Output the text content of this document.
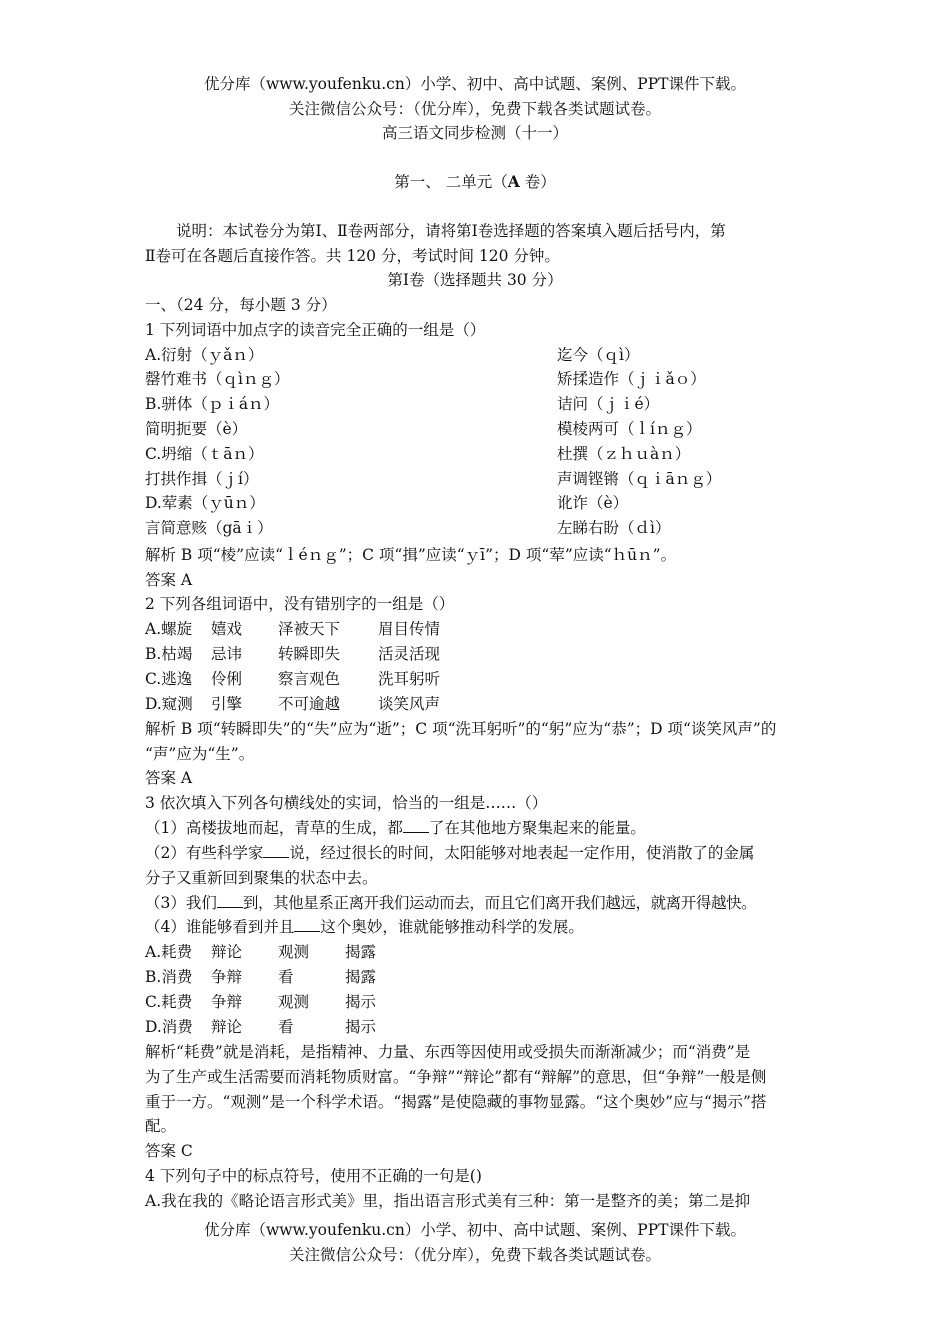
优分库（www.youfenku.cn）小学、初中、高中试题、案例、PPT课件下载。
关注微信公众号：（优分库），免费下载各类试题试卷。
高三语文同步检测（十一）
第一、 二单元（A 卷）
说明：本试卷分为第Ⅰ、Ⅱ卷两部分，请将第Ⅰ卷选择题的答案填入题后括号内，第
Ⅱ卷可在各题后直接作答。共 120 分，考试时间 120 分钟。
第Ⅰ卷（选择题共 30 分）
一、（24 分，每小题 3 分）
1 下列词语中加点字的读音完全正确的一组是（）
A.衍射（ｙǎｎ）	迄今（ｑì）
罄竹难书（ｑìｎｇ）	矫揉造作（ｊｉǎｏ）
B.骈体（ｐｉáｎ）	诘问（ｊｉé）
简明扼要（è）	模棱两可（ｌíｎｇ）
C.坍缩（ｔāｎ）	杜撰（ｚｈｕàｎ）
打拱作揖（ｊí）	声调铿锵（ｑｉāｎｇ）
D.荤素（ｙūｎ）	讹诈（è）
言简意赅（gāｉ）	左睇右盼（ｄì）
解析 B 项“棱”应读“ｌéｎｇ”；C 项“揖”应读“ｙī”；D 项“荤”应读“ｈūｎ”。
答案 A
2 下列各组词语中，没有错别字的一组是（）
A.螺旋 嬉戏 泽被天下 眉目传情
B.枯竭 忌讳 转瞬即失 活灵活现
C.逃逸 伶俐 察言观色 洗耳躬听
D.窥测 引擎 不可逾越 谈笑风声
解析 B 项“转瞬即失”的“失”应为“逝”；C 项“洗耳躬听”的“躬”应为“恭”；D 项“谈笑风声”的
“声”应为“生”。
答案 A
3 依次填入下列各句横线处的实词，恰当的一组是……（）
（1）高楼拔地而起，青草的生成，都 了在其他地方聚集起来的能量。
（2）有些科学家 说，经过很长的时间，太阳能够对地表起一定作用，使消散了的金属
分子又重新回到聚集的状态中去。
（3）我们 到，其他星系正离开我们运动而去，而且它们离开我们越远，就离开得越快。
（4）谁能够看到并且 这个奥妙，谁就能够推动科学的发展。
A.耗费 辩论 观测 揭露
B.消费 争辩 看	揭露
C.耗费 争辩 观测 揭示
D.消费 辩论 看	揭示
解析“耗费”就是消耗，是指精神、力量、东西等因使用或受损失而渐渐减少；而“消费”是
为了生产或生活需要而消耗物质财富。“争辩”“辩论”都有“辩解”的意思，但“争辩”一般是侧
重于一方。“观测”是一个科学术语。“揭露”是使隐藏的事物显露。“这个奥妙”应与“揭示”搭
配。
答案 C
4 下列句子中的标点符号，使用不正确的一句是()
A.我在我的《略论语言形式美》里，指出语言形式美有三种：第一是整齐的美；第二是抑
优分库（www.youfenku.cn）小学、初中、高中试题、案例、PPT课件下载。
关注微信公众号：（优分库），免费下载各类试题试卷。
